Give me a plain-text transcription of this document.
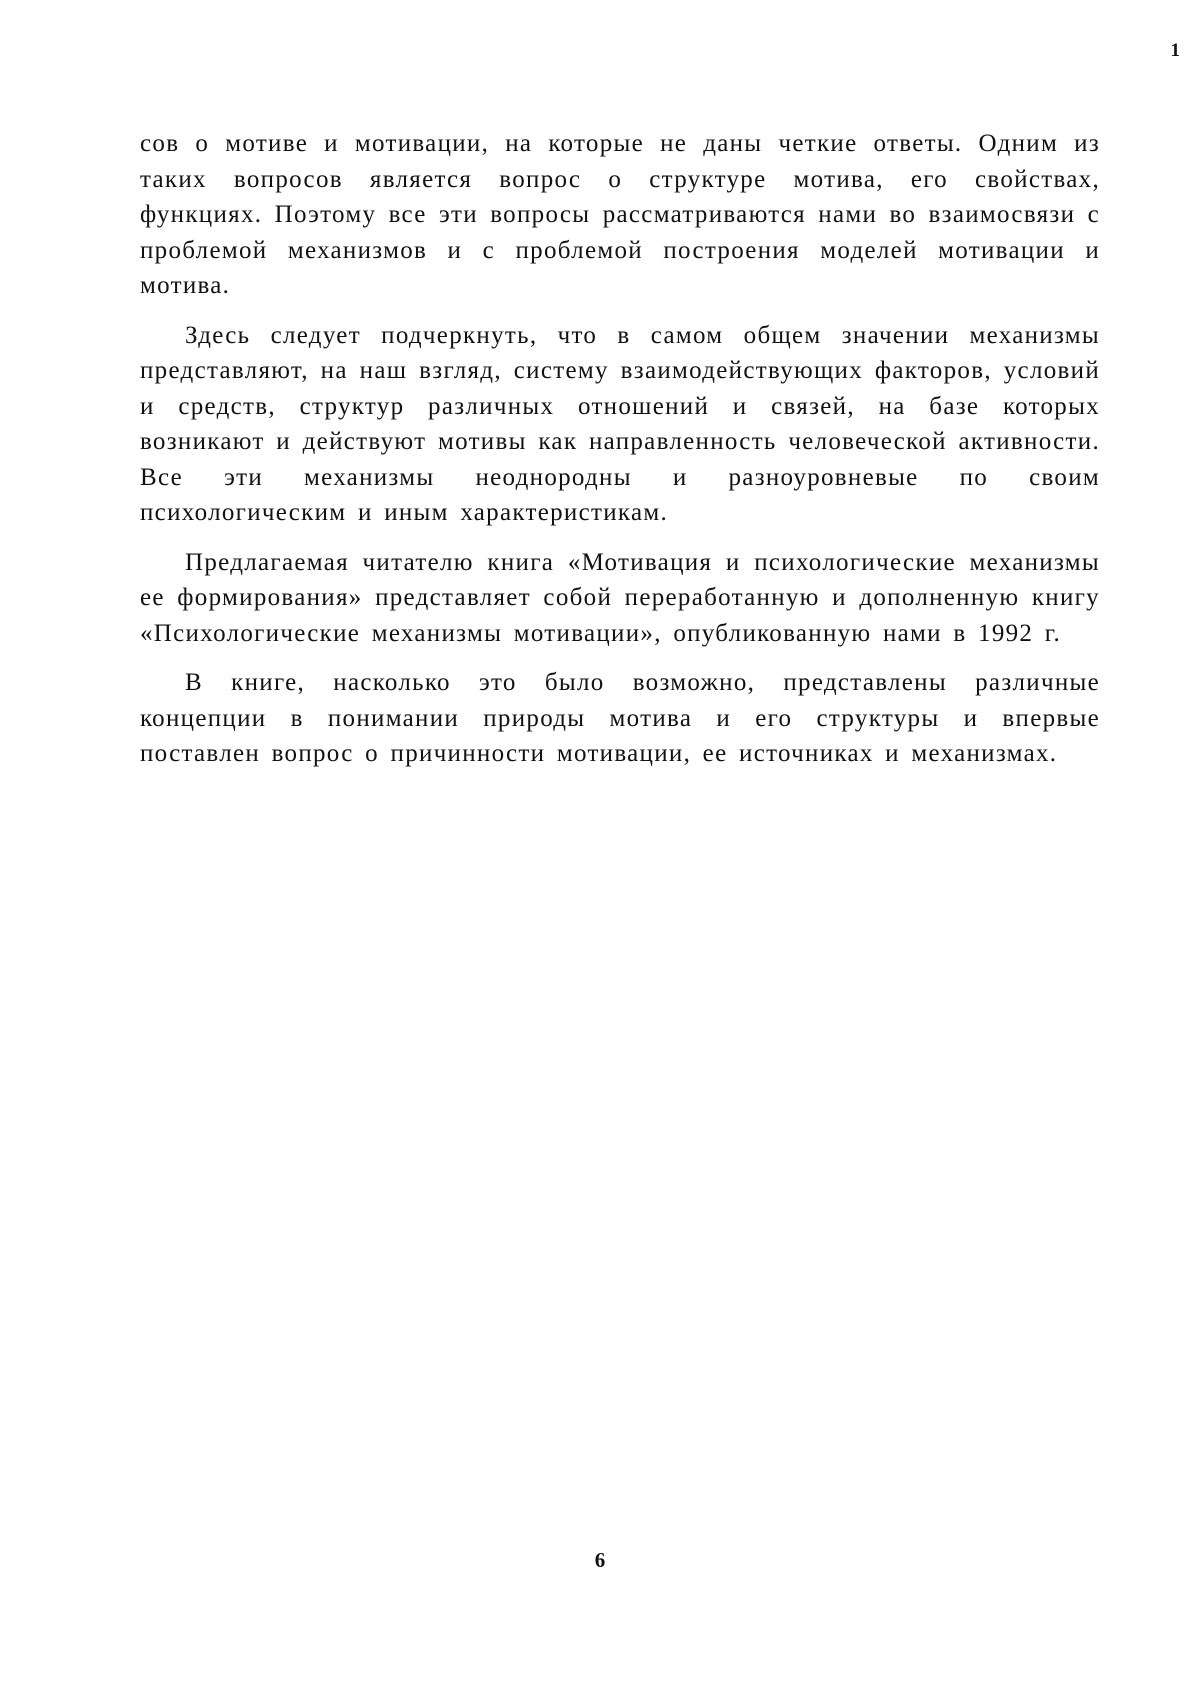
1

сов о мотиве и мотивации, на которые не даны четкие ответы. Одним из таких вопросов является вопрос о структуре мотива, его свойствах, функциях. Поэтому все эти вопросы рассматриваются нами во взаимосвязи с проблемой механизмов и с проблемой построения моделей мотивации и мотива.

Здесь следует подчеркнуть, что в самом общем значении механизмы представляют, на наш взгляд, систему взаимодействующих факторов, условий и средств, структур различных отношений и связей, на базе которых возникают и действуют мотивы как направленность человеческой активности. Все эти механизмы неоднородны и разноуровневые по своим психологическим и иным характеристикам.

Предлагаемая читателю книга «Мотивация и психологические механизмы ее формирования» представляет собой переработанную и дополненную книгу «Психологические механизмы мотивации», опубликованную нами в 1992 г.

В книге, насколько это было возможно, представлены различные концепции в понимании природы мотива и его структуры и впервые поставлен вопрос о причинности мотивации, ее источниках и механизмах.

6
